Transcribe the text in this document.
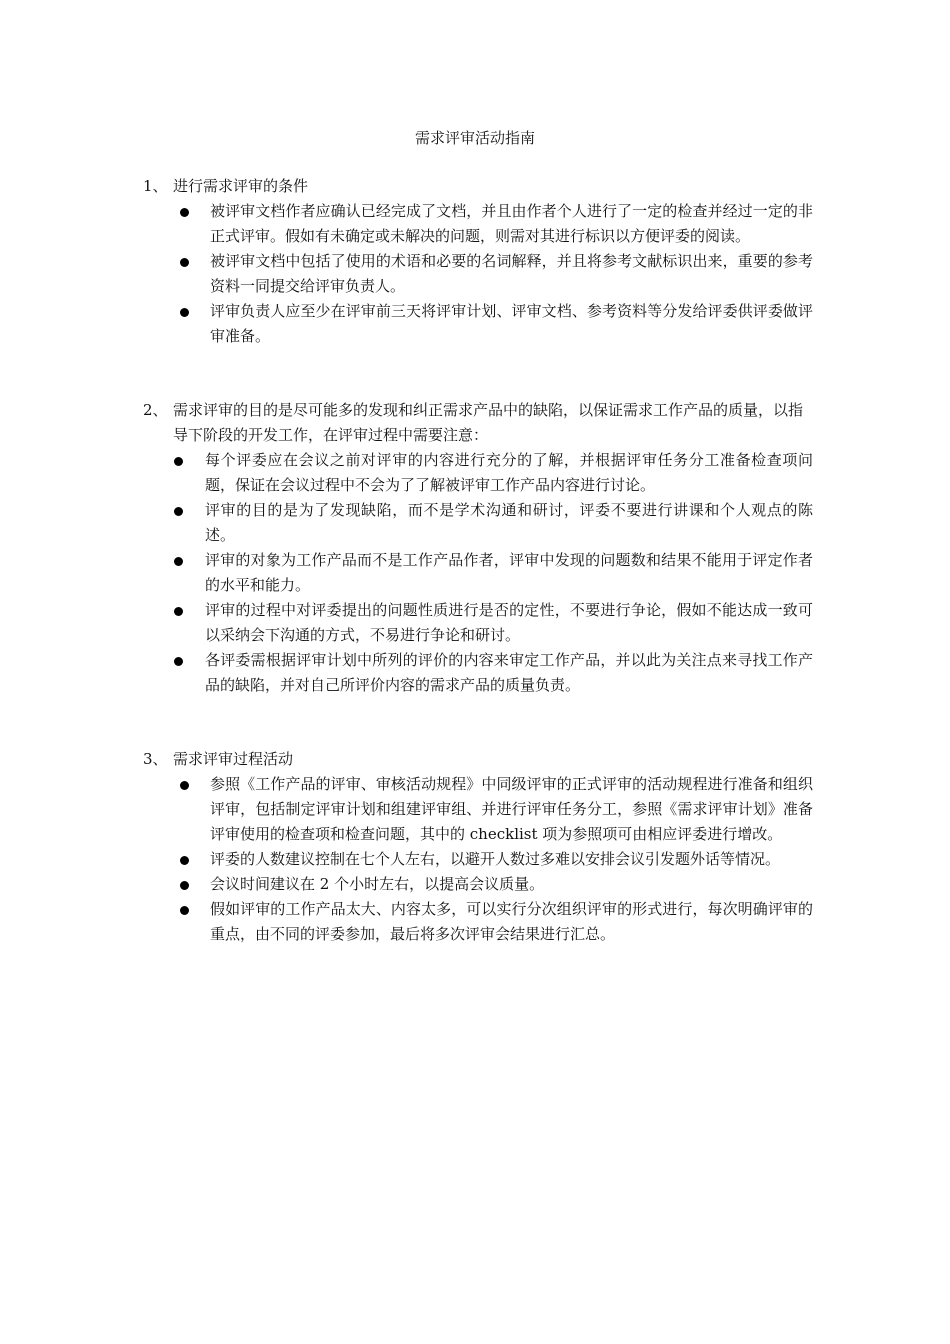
需求评审活动指南
1、 进行需求评审的条件
被评审文档作者应确认已经完成了文档，并且由作者个人进行了一定的检查并经过一定的非正式评审。假如有未确定或未解决的问题，则需对其进行标识以方便评委的阅读。
被评审文档中包括了使用的术语和必要的名词解释，并且将参考文献标识出来，重要的参考资料一同提交给评审负责人。
评审负责人应至少在评审前三天将评审计划、评审文档、参考资料等分发给评委供评委做评审准备。
2、 需求评审的目的是尽可能多的发现和纠正需求产品中的缺陷，以保证需求工作产品的质量，以指导下阶段的开发工作，在评审过程中需要注意：
每个评委应在会议之前对评审的内容进行充分的了解，并根据评审任务分工准备检查项问题，保证在会议过程中不会为了了解被评审工作产品内容进行讨论。
评审的目的是为了发现缺陷，而不是学术沟通和研讨，评委不要进行讲课和个人观点的陈述。
评审的对象为工作产品而不是工作产品作者，评审中发现的问题数和结果不能用于评定作者的水平和能力。
评审的过程中对评委提出的问题性质进行是否的定性，不要进行争论，假如不能达成一致可以采纳会下沟通的方式，不易进行争论和研讨。
各评委需根据评审计划中所列的评价的内容来审定工作产品，并以此为关注点来寻找工作产品的缺陷，并对自己所评价内容的需求产品的质量负责。
3、 需求评审过程活动
参照《工作产品的评审、审核活动规程》中同级评审的正式评审的活动规程进行准备和组织评审，包括制定评审计划和组建评审组、并进行评审任务分工，参照《需求评审计划》准备评审使用的检查项和检查问题，其中的 checklist 项为参照项可由相应评委进行增改。
评委的人数建议控制在七个人左右，以避开人数过多难以安排会议引发题外话等情况。
会议时间建议在 2 个小时左右，以提高会议质量。
假如评审的工作产品太大、内容太多，可以实行分次组织评审的形式进行，每次明确评审的重点，由不同的评委参加，最后将多次评审会结果进行汇总。
